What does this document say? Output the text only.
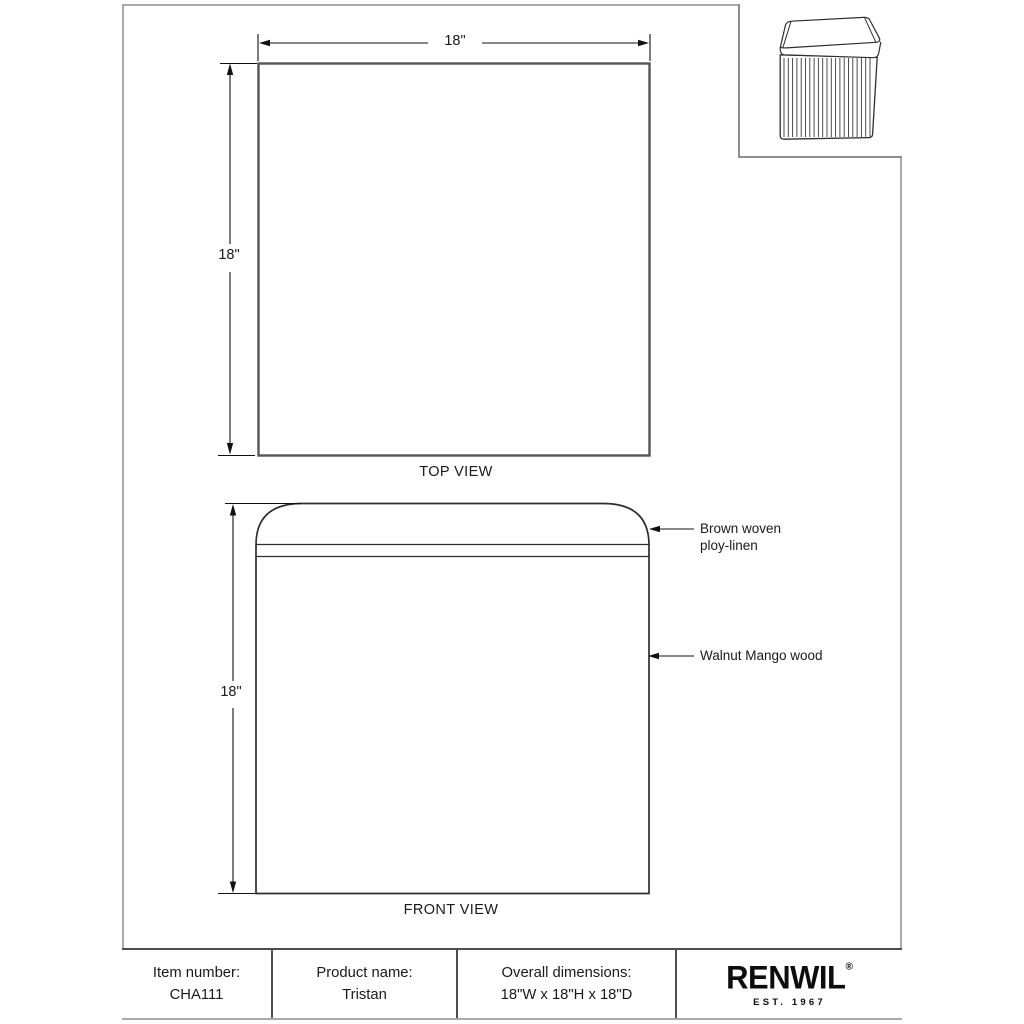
18"
18"
18"
TOP VIEW
FRONT VIEW
Brown woven
ploy-linen
Walnut Mango wood
Item number:
CHA111
Product name:
Tristan
Overall dimensions:
18"W x 18"H x 18"D	RENWIL®
EST. 1967
